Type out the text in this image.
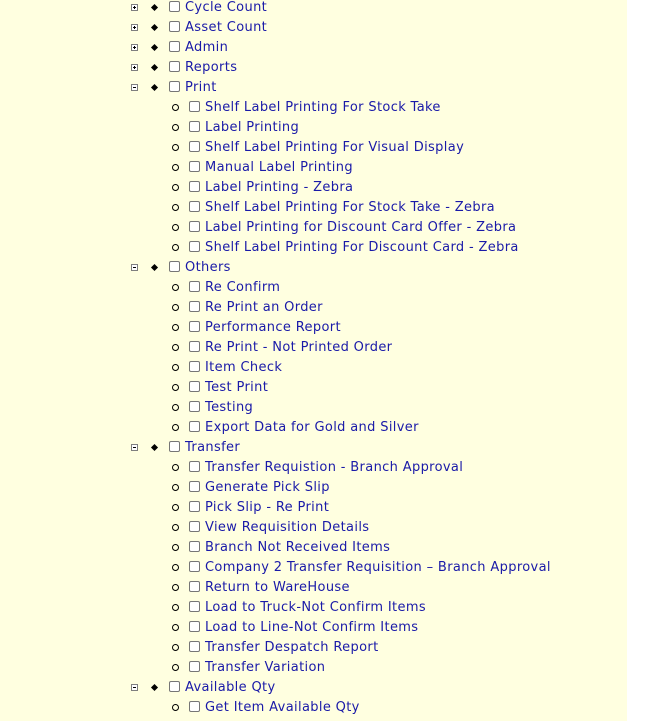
Cycle Count
Asset Count
Admin
Reports
Print
Shelf Label Printing For Stock Take
Label Printing
Shelf Label Printing For Visual Display
Manual Label Printing
Label Printing - Zebra
Shelf Label Printing For Stock Take - Zebra
Label Printing for Discount Card Offer - Zebra
Shelf Label Printing For Discount Card - Zebra
Others
Re Confirm
Re Print an Order
Performance Report
Re Print - Not Printed Order
Item Check
Test Print
Testing
Export Data for Gold and Silver
Transfer
Transfer Requistion - Branch Approval
Generate Pick Slip
Pick Slip - Re Print
View Requisition Details
Branch Not Received Items
Company 2 Transfer Requisition – Branch Approval
Return to WareHouse
Load to Truck-Not Confirm Items
Load to Line-Not Confirm Items
Transfer Despatch Report
Transfer Variation
Available Qty
Get Item Available Qty
